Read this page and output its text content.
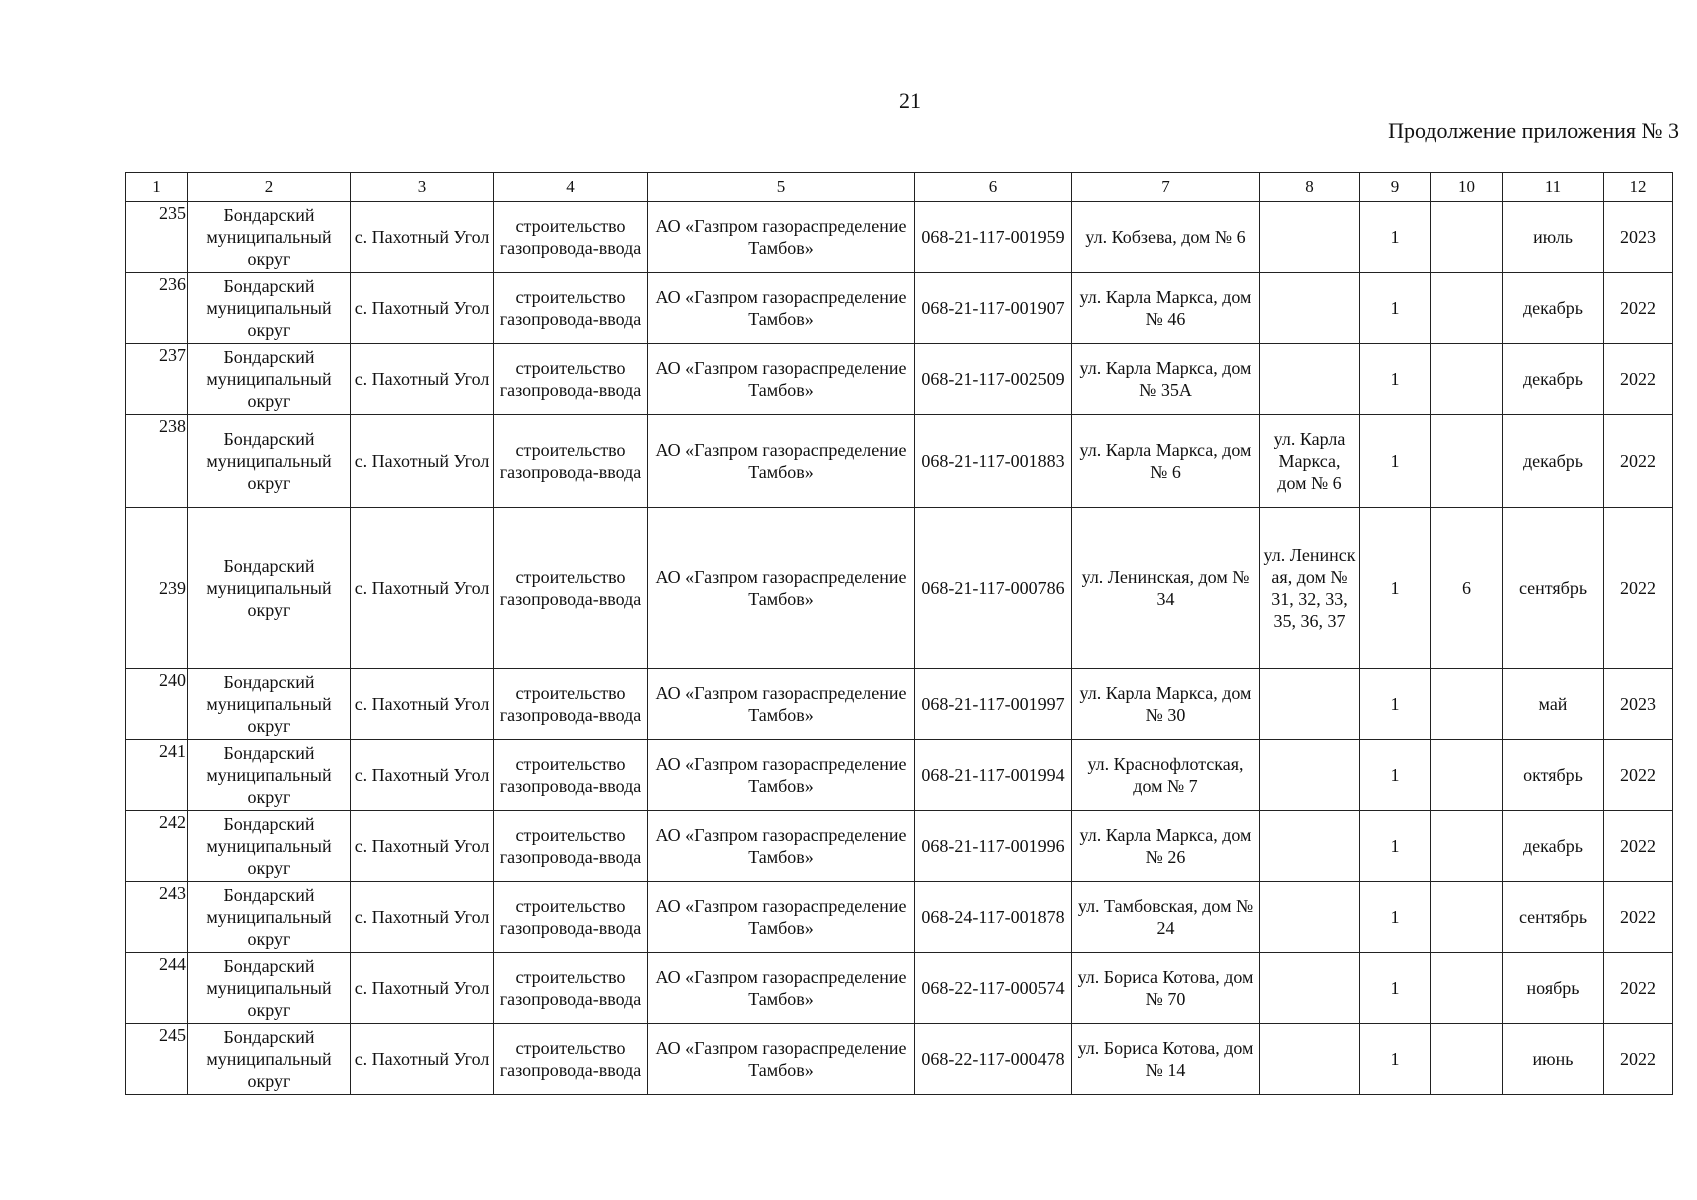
21
Продолжение приложения № 3
1	2	3	4	5	6	7	8	9	10	11	12
235	Бондарский муниципальный округ	с. Пахотный Угол	строительство газопровода-ввода	АО «Газпром газораспределение Тамбов»	068-21-117-001959	ул. Кобзева, дом № 6		1		июль	2023
236	Бондарский муниципальный округ	с. Пахотный Угол	строительство газопровода-ввода	АО «Газпром газораспределение Тамбов»	068-21-117-001907	ул. Карла Маркса, дом № 46		1		декабрь	2022
237	Бондарский муниципальный округ	с. Пахотный Угол	строительство газопровода-ввода	АО «Газпром газораспределение Тамбов»	068-21-117-002509	ул. Карла Маркса, дом № 35А		1		декабрь	2022
238	Бондарский муниципальный округ	с. Пахотный Угол	строительство газопровода-ввода	АО «Газпром газораспределение Тамбов»	068-21-117-001883	ул. Карла Маркса, дом № 6	ул. Карла Маркса, дом № 6	1		декабрь	2022
239	Бондарский муниципальный округ	с. Пахотный Угол	строительство газопровода-ввода	АО «Газпром газораспределение Тамбов»	068-21-117-000786	ул. Ленинская, дом № 34	ул. Ленинск ая, дом № 31, 32, 33, 35, 36, 37	1	6	сентябрь	2022
240	Бондарский муниципальный округ	с. Пахотный Угол	строительство газопровода-ввода	АО «Газпром газораспределение Тамбов»	068-21-117-001997	ул. Карла Маркса, дом № 30		1		май	2023
241	Бондарский муниципальный округ	с. Пахотный Угол	строительство газопровода-ввода	АО «Газпром газораспределение Тамбов»	068-21-117-001994	ул. Краснофлотская, дом № 7		1		октябрь	2022
242	Бондарский муниципальный округ	с. Пахотный Угол	строительство газопровода-ввода	АО «Газпром газораспределение Тамбов»	068-21-117-001996	ул. Карла Маркса, дом № 26		1		декабрь	2022
243	Бондарский муниципальный округ	с. Пахотный Угол	строительство газопровода-ввода	АО «Газпром газораспределение Тамбов»	068-24-117-001878	ул. Тамбовская, дом № 24		1		сентябрь	2022
244	Бондарский муниципальный округ	с. Пахотный Угол	строительство газопровода-ввода	АО «Газпром газораспределение Тамбов»	068-22-117-000574	ул. Бориса Котова, дом № 70		1		ноябрь	2022
245	Бондарский муниципальный округ	с. Пахотный Угол	строительство газопровода-ввода	АО «Газпром газораспределение Тамбов»	068-22-117-000478	ул. Бориса Котова, дом № 14		1		июнь	2022
